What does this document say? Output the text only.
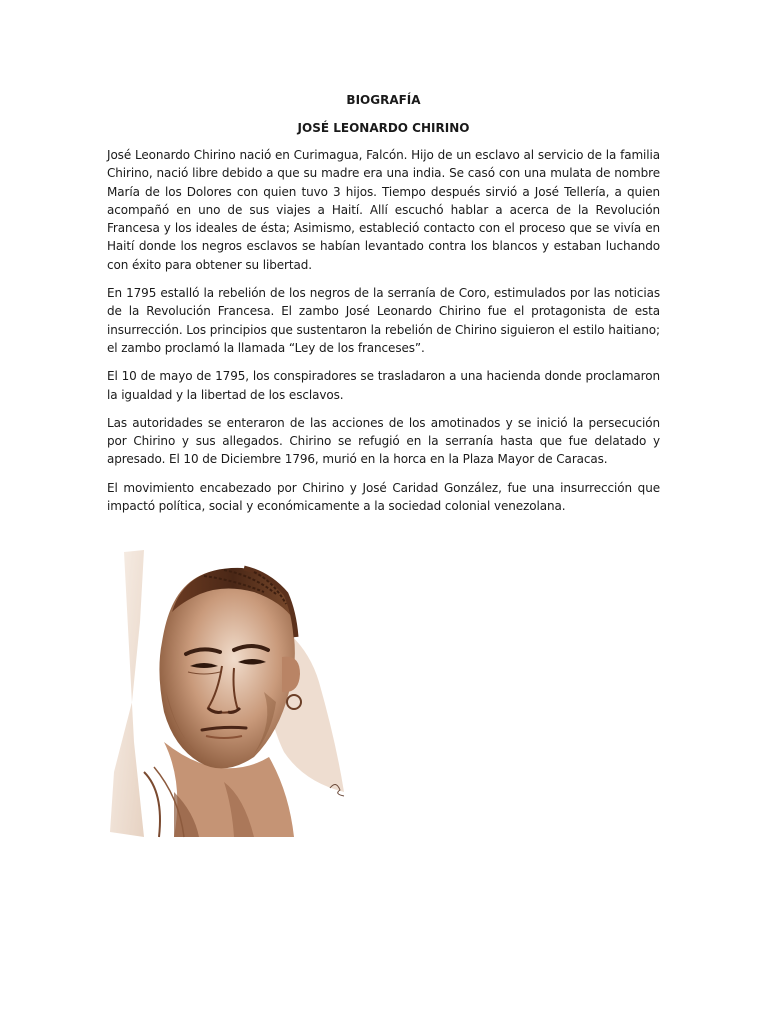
BIOGRAFÍA

JOSÉ LEONARDO CHIRINO

José Leonardo Chirino nació en Curimagua, Falcón. Hijo de un esclavo al servicio de la familia Chirino, nació libre debido a que su madre era una india. Se casó con una mulata de nombre María de los Dolores con quien tuvo 3 hijos. Tiempo después sirvió a José Tellería, a quien acompañó en uno de sus viajes a Haití. Allí escuchó hablar a acerca de la Revolución Francesa y los ideales de ésta; Asimismo, estableció contacto con el proceso que se vivía en Haití donde los negros esclavos se habían levantado contra los blancos y estaban luchando con éxito para obtener su libertad.

En 1795 estalló la rebelión de los negros de la serranía de Coro, estimulados por las noticias de la Revolución Francesa. El zambo José Leonardo Chirino fue el protagonista de esta insurrección. Los principios que sustentaron la rebelión de Chirino siguieron el estilo haitiano; el zambo proclamó la llamada “Ley de los franceses”.

El 10 de mayo de 1795, los conspiradores se trasladaron a una hacienda donde proclamaron la igualdad y la libertad de los esclavos.

Las autoridades se enteraron de las acciones de los amotinados y se inició la persecución por Chirino y sus allegados. Chirino se refugió en la serranía hasta que fue delatado y apresado. El 10 de Diciembre 1796, murió en la horca en la Plaza Mayor de Caracas.

El movimiento encabezado por Chirino y José Caridad González, fue una insurrección que impactó política, social y económicamente a la sociedad colonial venezolana.
